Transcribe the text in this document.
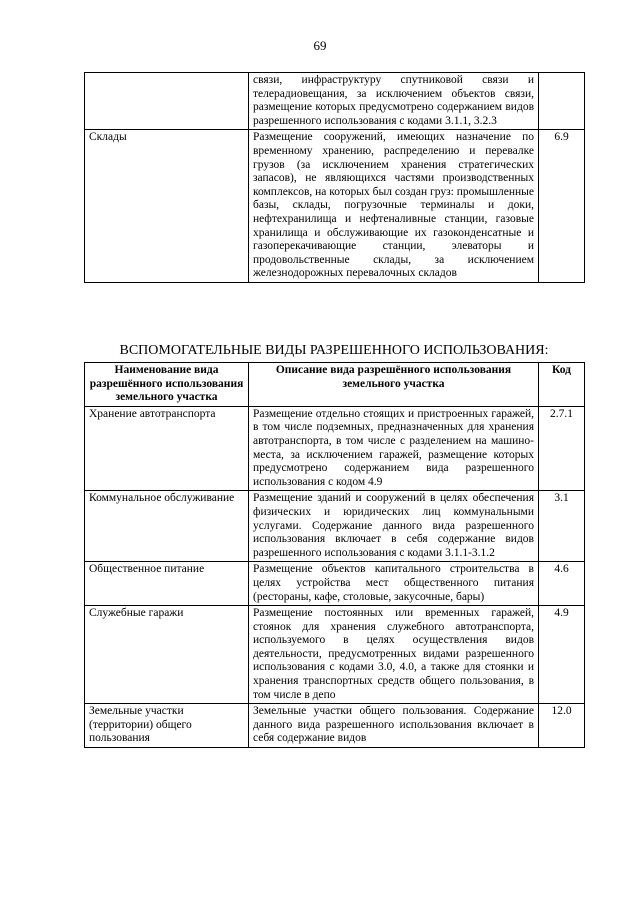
69
	связи, инфраструктуру спутниковой связи и телерадиовещания, за исключением объектов связи, размещение которых предусмотрено содержанием видов разрешенного использования с кодами 3.1.1, 3.2.3	
Склады	Размещение сооружений, имеющих назначение по временному хранению, распределению и перевалке грузов (за исключением хранения стратегических запасов), не являющихся частями производственных комплексов, на которых был создан груз: промышленные базы, склады, погрузочные терминалы и доки, нефтехранилища и нефтеналивные станции, газовые хранилища и обслуживающие их газоконденсатные и газоперекачивающие станции, элеваторы и продовольственные склады, за исключением железнодорожных перевалочных складов	6.9
ВСПОМОГАТЕЛЬНЫЕ ВИДЫ РАЗРЕШЕННОГО ИСПОЛЬЗОВАНИЯ:
Наименование вида разрешённого использования земельного участка	Описание вида разрешённого использования земельного участка	Код
Хранение автотранспорта	Размещение отдельно стоящих и пристроенных гаражей, в том числе подземных, предназначенных для хранения автотранспорта, в том числе с разделением на машино-места, за исключением гаражей, размещение которых предусмотрено содержанием вида разрешенного использования с кодом 4.9	2.7.1
Коммунальное обслуживание	Размещение зданий и сооружений в целях обеспечения физических и юридических лиц коммунальными услугами. Содержание данного вида разрешенного использования включает в себя содержание видов разрешенного использования с кодами 3.1.1-3.1.2	3.1
Общественное питание	Размещение объектов капитального строительства в целях устройства мест общественного питания (рестораны, кафе, столовые, закусочные, бары)	4.6
Служебные гаражи	Размещение постоянных или временных гаражей, стоянок для хранения служебного автотранспорта, используемого в целях осуществления видов деятельности, предусмотренных видами разрешенного использования с кодами 3.0, 4.0, а также для стоянки и хранения транспортных средств общего пользования, в том числе в депо	4.9
Земельные участки (территории) общего пользования	Земельные участки общего пользования. Содержание данного вида разрешенного использования включает в себя содержание видов	12.0
